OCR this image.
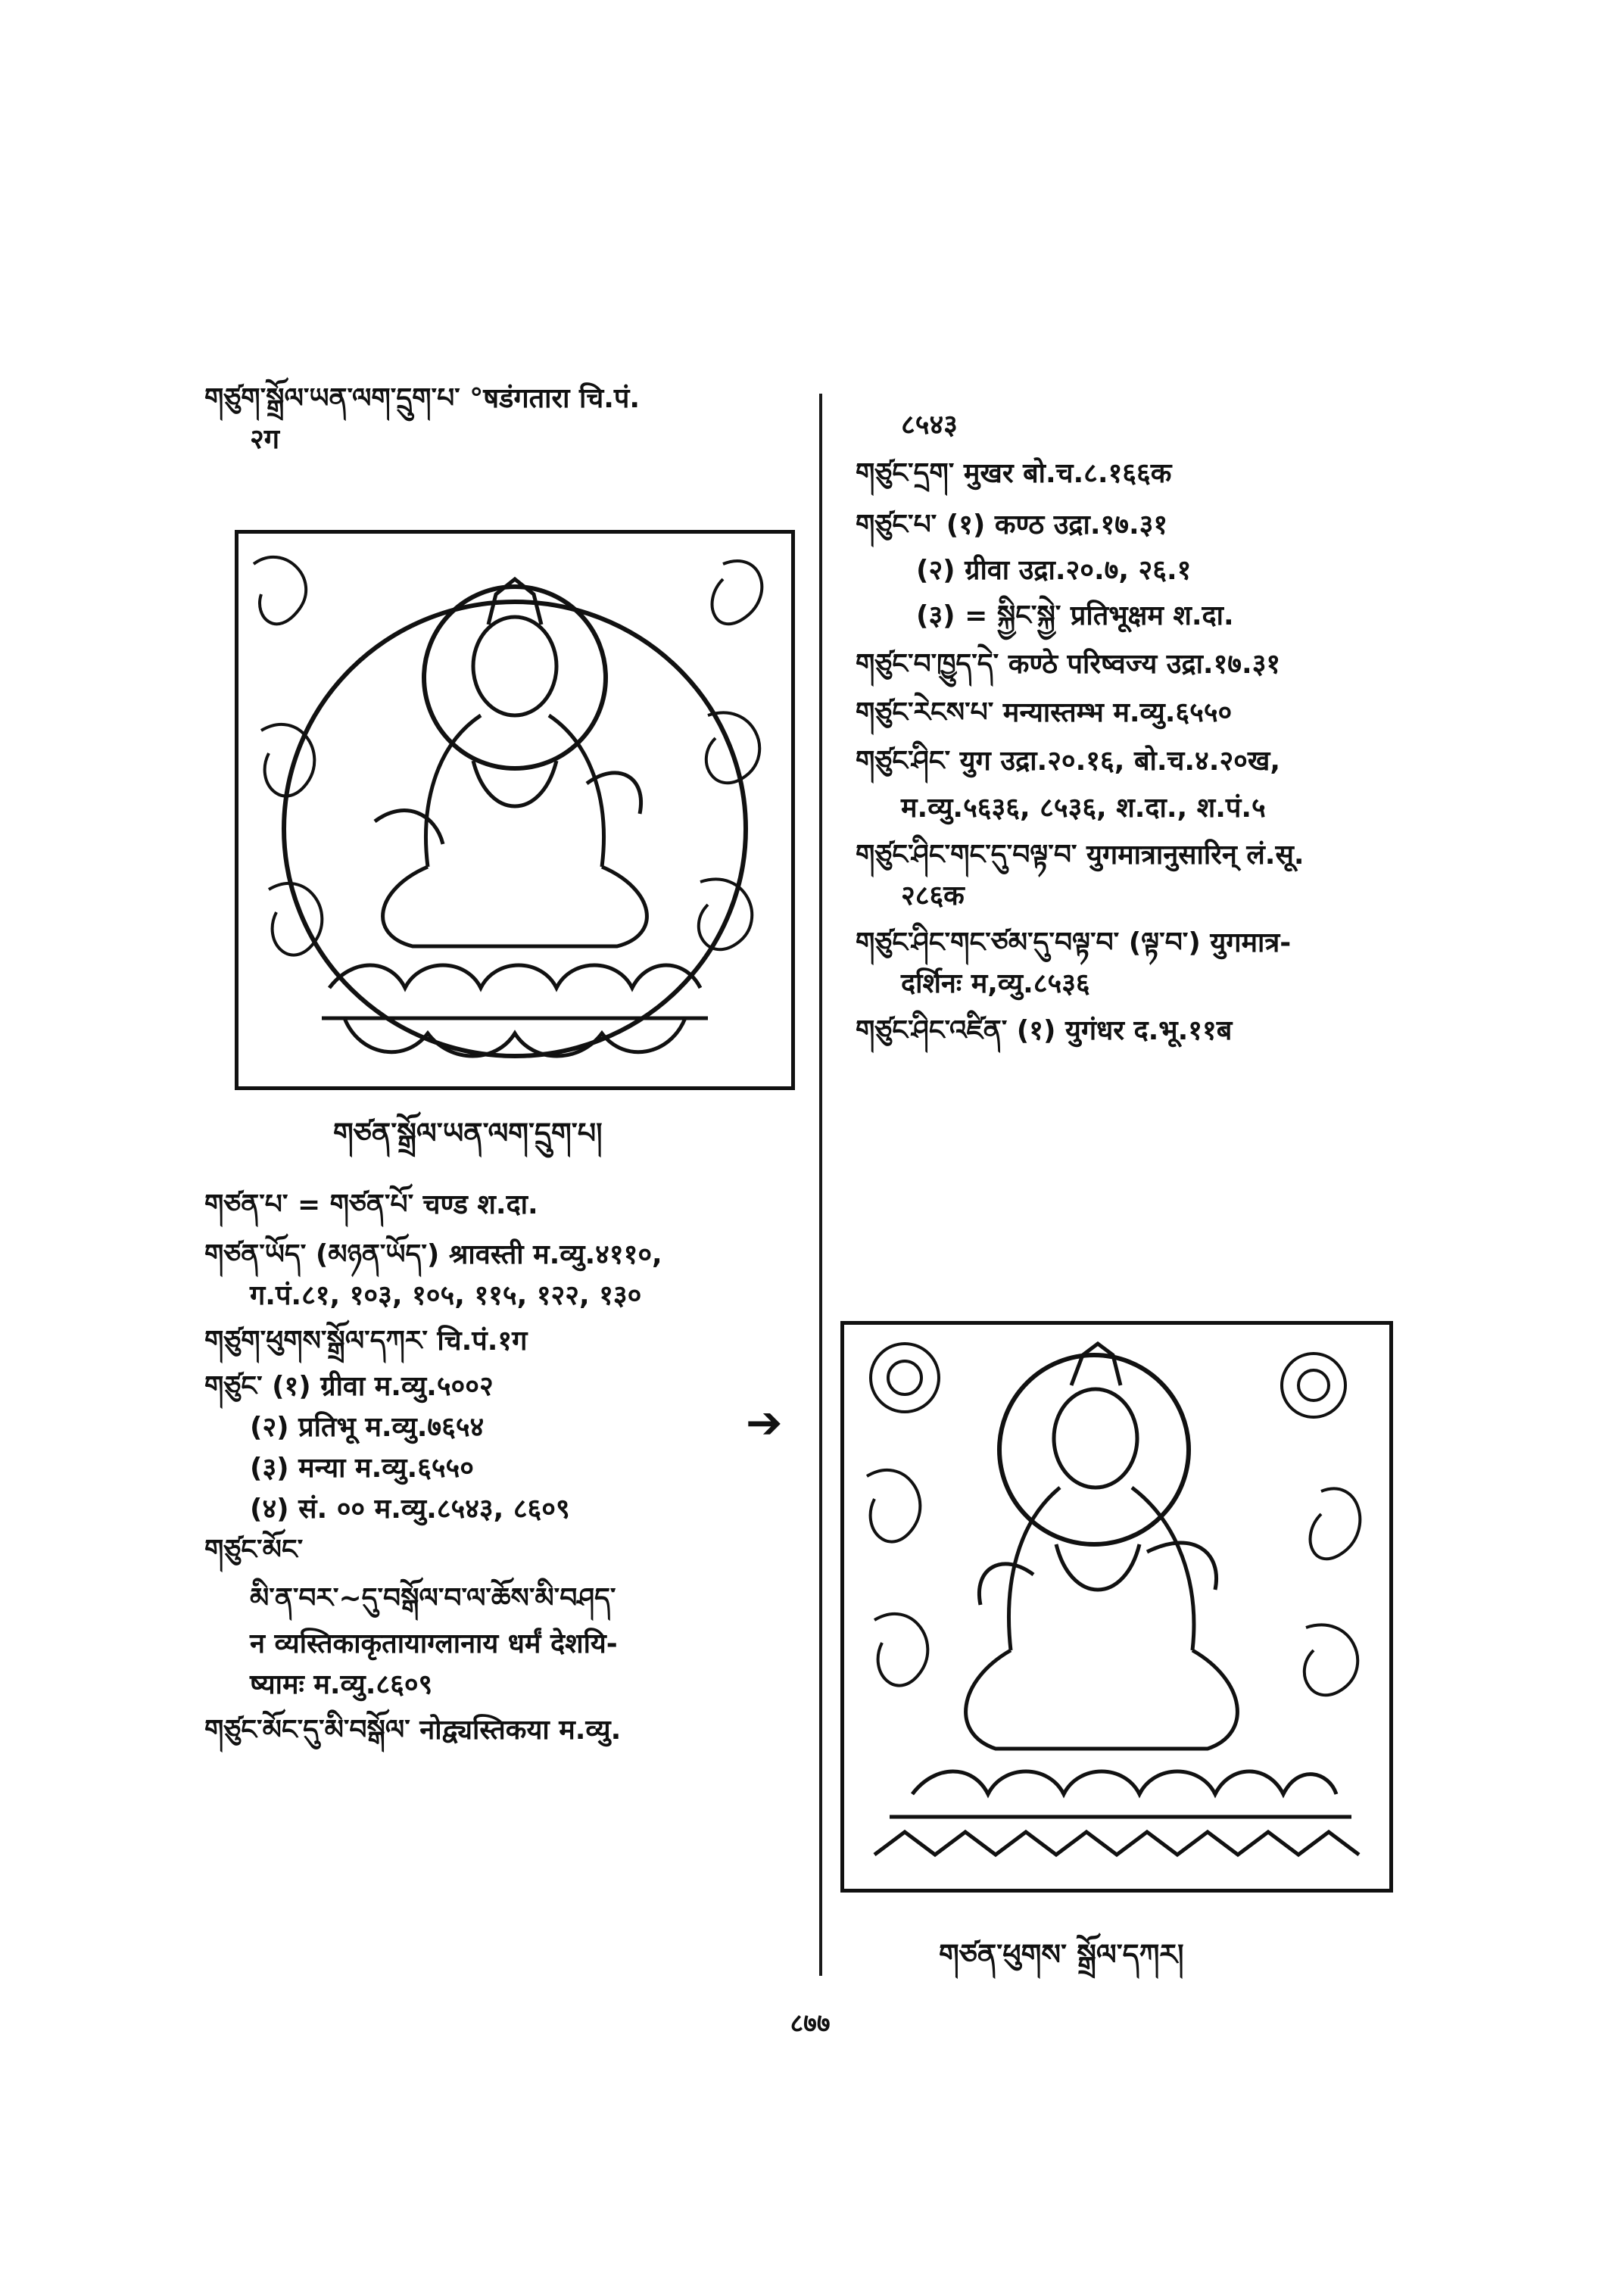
གཙུག་སྒྲོལ་ཡན་ལག་དྲུག་པ་ °षडंगतारा चि.पं.
२ग
གཙན་སྒྲོལ་ཡན་ལག་དྲུག་པ།
གཙན་པ་ = གཙན་པོ་ चण्ड श.दा.
གཙན་ཡོད་ (མཉན་ཡོད་) श्रावस्ती म.व्यु.४११०,
ग.पं.८१, १०३, १०५, ११५, १२२, १३०
གཙུག་ཕུགས་སྒྲོལ་དཀར་ चि.पं.१ग
གཙུང་ (१) ग्रीवा म.व्यु.५००२
(२) प्रतिभू म.व्यु.७६५४
(३) मन्या म.व्यु.६५५०
(४) सं. ०० म.व्यु.८५४३, ८६०९
གཙུང་མོང་
མི་ན་བར་~དུ་བསྒོལ་བ་ལ་ཆོས་མི་བཤད་
न व्यस्तिकाकृतायाग्लानाय धर्मं देशयि-
ष्यामः म.व्यु.८६०९
གཙུང་མོང་དུ་མི་བསྒོལ་ नोद्व्यस्तिकया म.व्यु.
➔
८५४३
གཙུང་དྲག་ मुखर बो.च.८.१६६क
གཙུང་པ་ (१) कण्ठ उद्रा.१७.३१
(२) ग्रीवा उद्रा.२०.७, २६.१
(३) = སྐྱིང་སྐྱེ་ प्रतिभूक्षम श.दा.
གཙུང་བ་ཁྱུད་དེ་ कण्ठे परिष्वज्य उद्रा.१७.३१
གཙུང་རེངས་པ་ मन्यास्तम्भ म.व्यु.६५५०
གཙུང་ཤིང་ युग उद्रा.२०.१६, बो.च.४.२०ख,
म.व्यु.५६३६, ८५३६, श.दा., श.पं.५
གཙུང་ཤིང་གང་དུ་བལྟ་བ་ युगमात्रानुसारिन् लं.सू.
२८६क
གཙུང་ཤིང་གང་ཙམ་དུ་བལྟ་བ་ (ལྟ་བ་) युगमात्र-
दर्शिनः म,व्यु.८५३६
གཙུང་ཤིང་འཛིན་ (१) युगंधर द.भू.११ब
གཙན་ཕུགས་ སྒྲོལ་དཀར།
८७७
